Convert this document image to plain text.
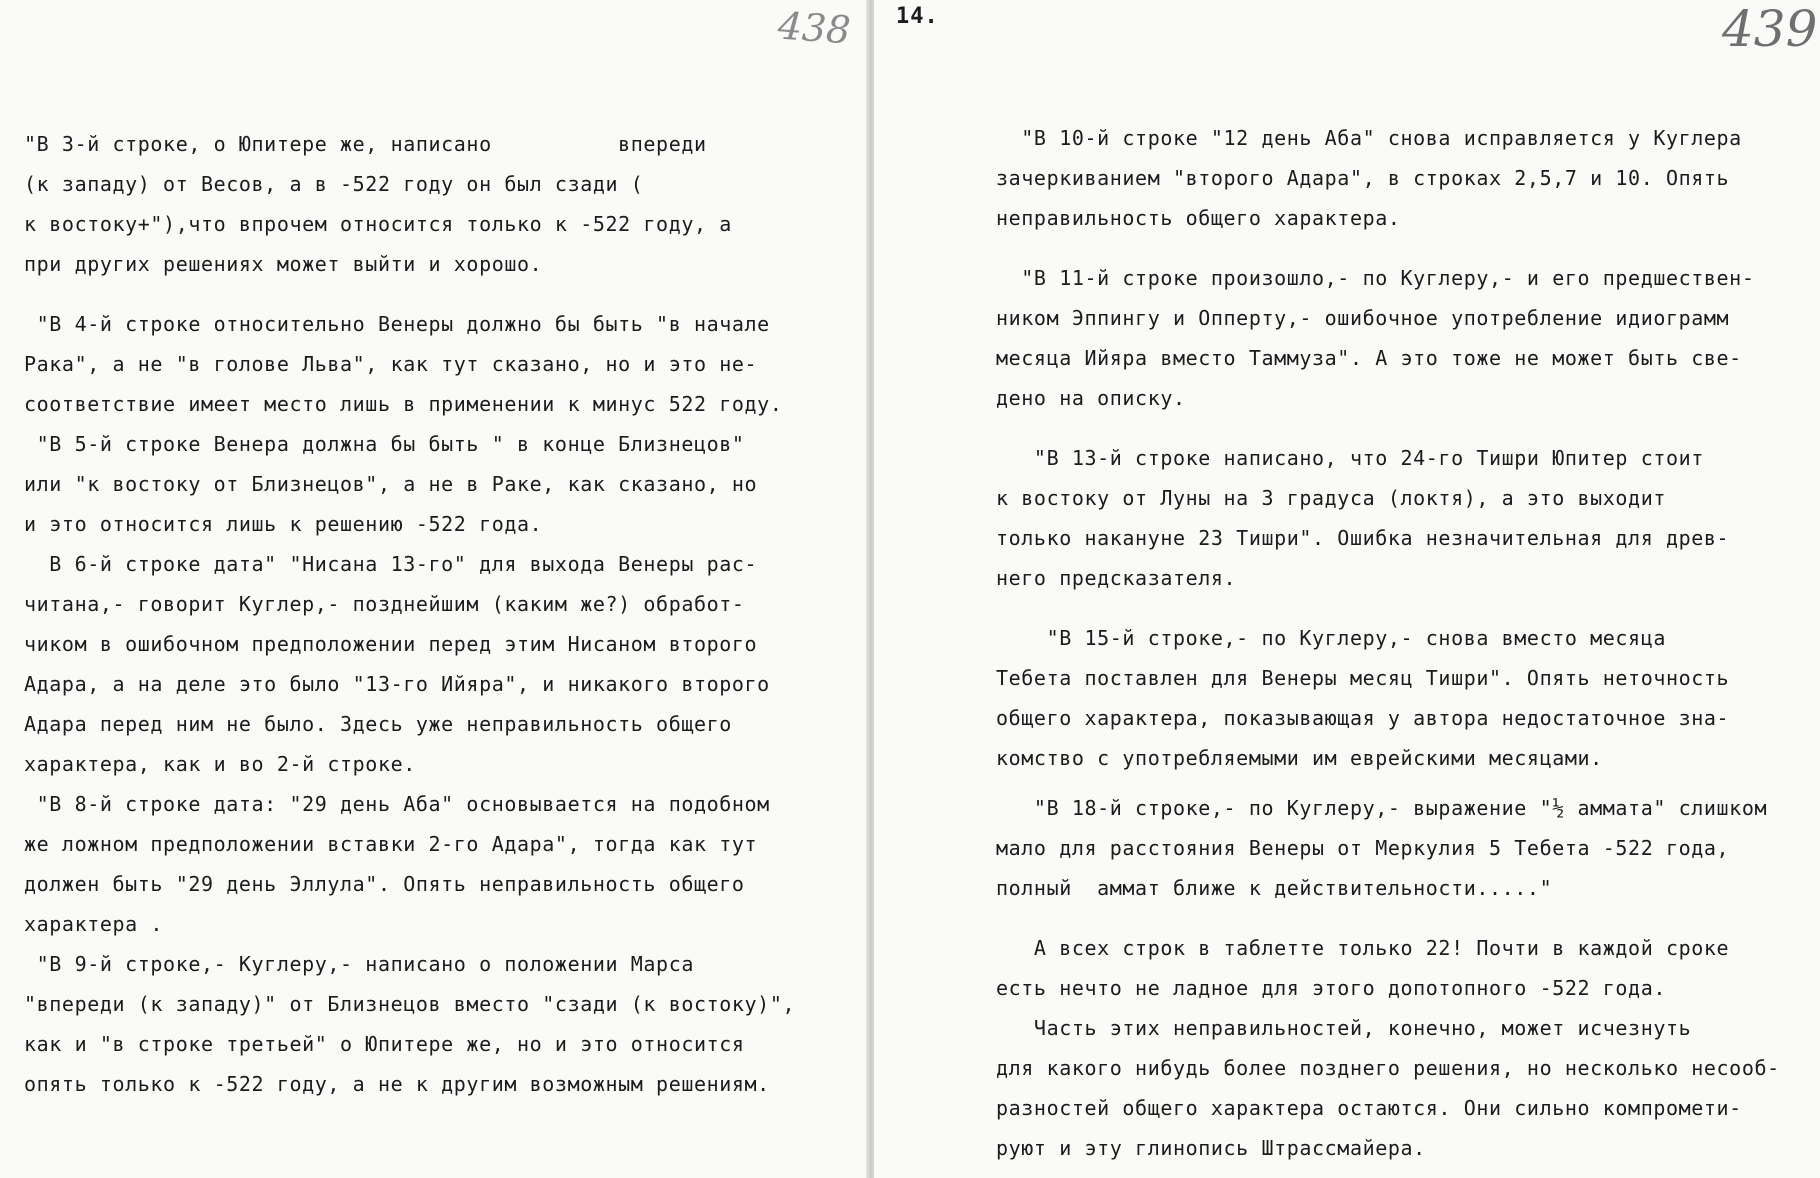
438	439
14.
"В 3-й строке, о Юпитере же, написано          впереди
(к западу) от Весов, а в -522 году он был сзади (
к востоку+"),что впрочем относится только к -522 году, а
при других решениях может выйти и хорошо.
"В 4-й строке относительно Венеры должно бы быть "в начале
Рака", а не "в голове Льва", как тут сказано, но и это не-
соответствие имеет место лишь в применении к минус 522 году.
"В 5-й строке Венера должна бы быть " в конце Близнецов"
или "к востоку от Близнецов", а не в Раке, как сказано, но
и это относится лишь к решению -522 года.
В 6-й строке дата" "Нисана 13-го" для выхода Венеры рас-
читана,- говорит Куглер,- позднейшим (каким же?) обработ-
чиком в ошибочном предположении перед этим Нисаном второго
Адара, а на деле это было "13-го Ийяра", и никакого второго
Адара перед ним не было. Здесь уже неправильность общего
характера, как и во 2-й строке.
"В 8-й строке дата: "29 день Аба" основывается на подобном
же ложном предположении вставки 2-го Адара", тогда как тут
должен быть "29 день Эллула". Опять неправильность общего
характера .
"В 9-й строке,- Куглеру,- написано о положении Марса
"впереди (к западу)" от Близнецов вместо "сзади (к востоку)",
как и "в строке третьей" о Юпитере же, но и это относится
опять только к -522 году, а не к другим возможным решениям.
"В 10-й строке "12 день Аба" снова исправляется у Куглера
зачеркиванием "второго Адара", в строках 2,5,7 и 10. Опять
неправильность общего характера.
"В 11-й строке произошло,- по Куглеру,- и его предшествен-
ником Эппингу и Опперту,- ошибочное употребление идиограмм
месяца Ийяра вместо Таммуза". А это тоже не может быть све-
дено на описку.
"В 13-й строке написано, что 24-го Тишри Юпитер стоит
к востоку от Луны на 3 градуса (локтя), а это выходит
только накануне 23 Тишри". Ошибка незначительная для древ-
него предсказателя.
"В 15-й строке,- по Куглеру,- снова вместо месяца
Тебета поставлен для Венеры месяц Тишри". Опять неточность
общего характера, показывающая у автора недостаточное зна-
комство с употребляемыми им еврейскими месяцами.
"В 18-й строке,- по Куглеру,- выражение "½ аммата" слишком
мало для расстояния Венеры от Меркулия 5 Тебета -522 года,
полный  аммат ближе к действительности....."
А всех строк в таблетте только 22! Почти в каждой сроке
есть нечто не ладное для этого допотопного -522 года.
Часть этих неправильностей, конечно, может исчезнуть
для какого нибудь более позднего решения, но несколько несооб-
разностей общего характера остаются. Они сильно компромети-
руют и эту глинопись Штрассмайера.
